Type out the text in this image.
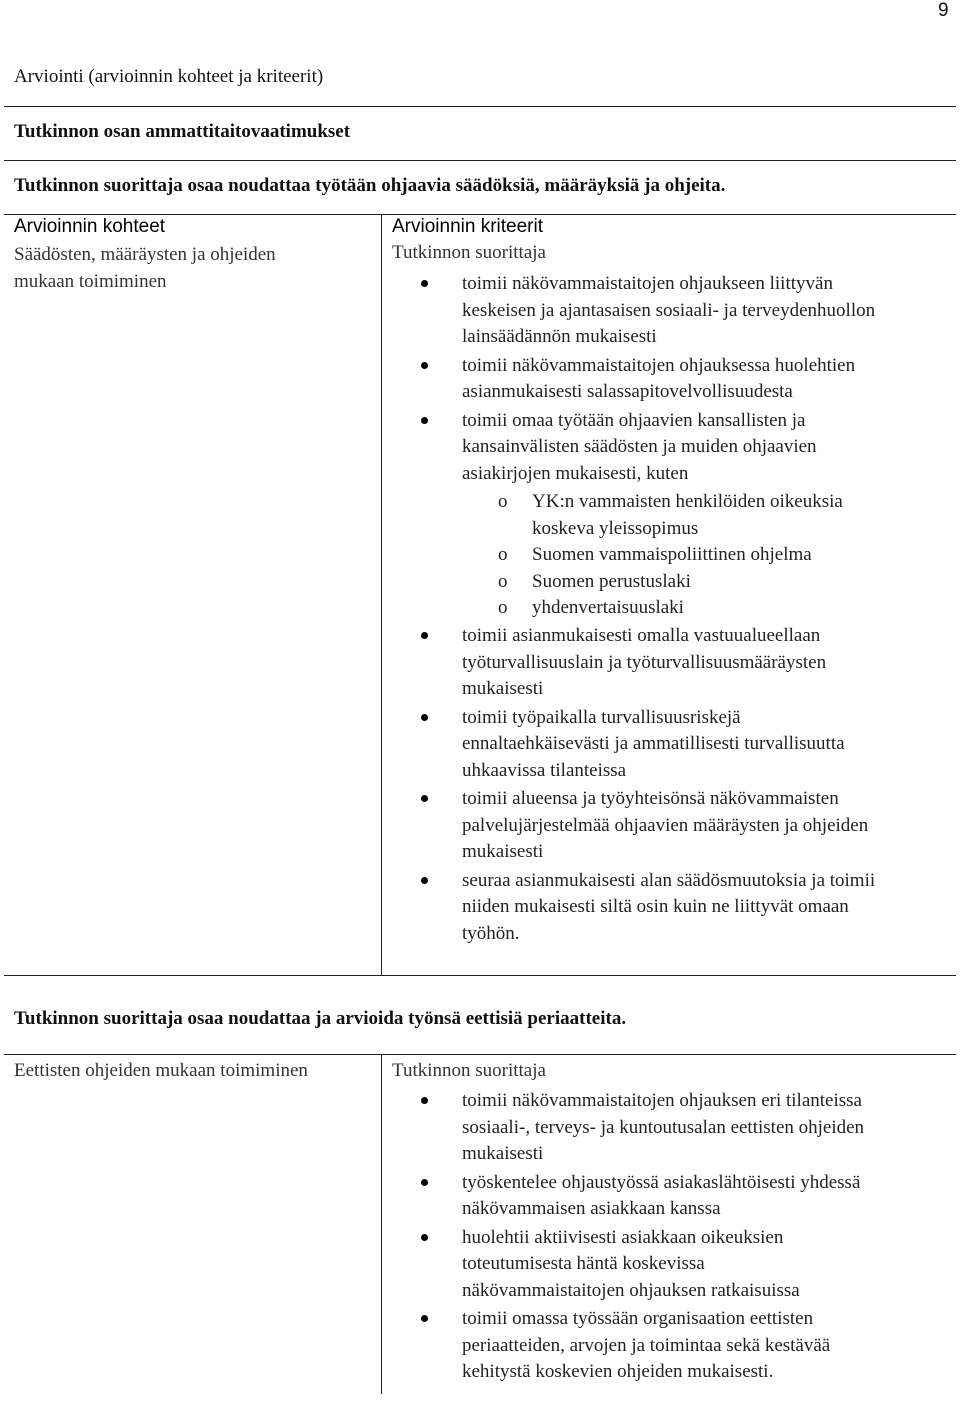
9
Arviointi (arvioinnin kohteet ja kriteerit)
Tutkinnon osan ammattitaitovaatimukset
Tutkinnon suorittaja osaa noudattaa työtään ohjaavia säädöksiä, määräyksiä ja ohjeita.
Arvioinnin kohteet	Arvioinnin kriteerit
Säädösten, määräysten ja ohjeiden
mukaan toimiminen
Tutkinnon suorittaja
toimii näkövammaistaitojen ohjaukseen liittyvän
keskeisen ja ajantasaisen sosiaali- ja terveydenhuollon
lainsäädännön mukaisesti
toimii näkövammaistaitojen ohjauksessa huolehtien
asianmukaisesti salassapitovelvollisuudesta
toimii omaa työtään ohjaavien kansallisten ja
kansainvälisten säädösten ja muiden ohjaavien
asiakirjojen mukaisesti, kuten
o YK:n vammaisten henkilöiden oikeuksia
koskeva yleissopimus
o Suomen vammaispoliittinen ohjelma
o Suomen perustuslaki
o yhdenvertaisuuslaki
toimii asianmukaisesti omalla vastuualueellaan
työturvallisuuslain ja työturvallisuusmääräysten
mukaisesti
toimii työpaikalla turvallisuusriskejä
ennaltaehkäisevästi ja ammatillisesti turvallisuutta
uhkaavissa tilanteissa
toimii alueensa ja työyhteisönsä näkövammaisten
palvelujärjestelmää ohjaavien määräysten ja ohjeiden
mukaisesti
seuraa asianmukaisesti alan säädösmuutoksia ja toimii
niiden mukaisesti siltä osin kuin ne liittyvät omaan
työhön.
Tutkinnon suorittaja osaa noudattaa ja arvioida työnsä eettisiä periaatteita.
Eettisten ohjeiden mukaan toimiminen	Tutkinnon suorittaja
toimii näkövammaistaitojen ohjauksen eri tilanteissa
sosiaali-, terveys- ja kuntoutusalan eettisten ohjeiden
mukaisesti
työskentelee ohjaustyössä asiakaslähtöisesti yhdessä
näkövammaisen asiakkaan kanssa
huolehtii aktiivisesti asiakkaan oikeuksien
toteutumisesta häntä koskevissa
näkövammaistaitojen ohjauksen ratkaisuissa
toimii omassa työssään organisaation eettisten
periaatteiden, arvojen ja toimintaa sekä kestävää
kehitystä koskevien ohjeiden mukaisesti.
